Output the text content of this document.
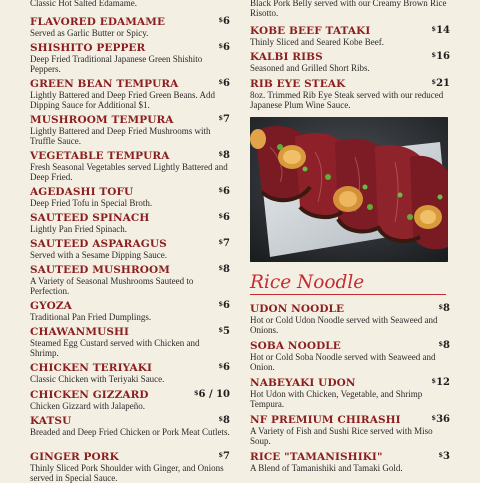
Classic Hot Salted Edamame.
FLAVORED EDAMAME	$6
Served as Garlic Butter or Spicy.
SHISHITO PEPPER	$6
Deep Fried Traditional Japanese Green Shishito Peppers.
GREEN BEAN TEMPURA	$6
Lightly Battered and Deep Fried Green Beans. Add Dipping Sauce for Additional $1.
MUSHROOM TEMPURA	$7
Lightly Battered and Deep Fried Mushrooms with Truffle Sauce.
VEGETABLE TEMPURA	$8
Fresh Seasonal Vegetables served Lightly Battered and Deep Fried.
AGEDASHI TOFU	$6
Deep Fried Tofu in Special Broth.
SAUTEED SPINACH	$6
Lightly Pan Fried Spinach.
SAUTEED ASPARAGUS	$7
Served with a Sesame Dipping Sauce.
SAUTEED MUSHROOM	$8
A Variety of Seasonal Mushrooms Sauteed to Perfection.
GYOZA	$6
Traditional Pan Fried Dumplings.
CHAWANMUSHI	$5
Steamed Egg Custard served with Chicken and Shrimp.
CHICKEN TERIYAKI	$6
Classic Chicken with Teriyaki Sauce.
CHICKEN GIZZARD	$6 / 10
Chicken Gizzard with Jalapeño.
KATSU	$8
Breaded and Deep Fried Chicken or Pork Meat Cutlets.
GINGER PORK	$7
Thinly Sliced Pork Shoulder with Ginger, and Onions served in Special Sauce.
Black Pork Belly served with our Creamy Brown Rice Risotto.
KOBE BEEF TATAKI	$14
Thinly Sliced and Seared Kobe Beef.
KALBI RIBS	$16
Seasoned and Grilled Short Ribs.
RIB EYE STEAK	$21
8oz. Trimmed Rib Eye Steak served with our reduced Japanese Plum Wine Sauce.
Rice Noodle
UDON NOODLE	$8
Hot or Cold Udon Noodle served with Seaweed and Onions.
SOBA NOODLE	$8
Hot or Cold Soba Noodle served with Seaweed and Onion.
NABEYAKI UDON	$12
Hot Udon with Chicken, Vegetable, and Shrimp Tempura.
NF PREMIUM CHIRASHI	$36
A Variety of Fish and Sushi Rice served with Miso Soup.
RICE "TAMANISHIKI"	$3
A Blend of Tamanishiki and Tamaki Gold.
